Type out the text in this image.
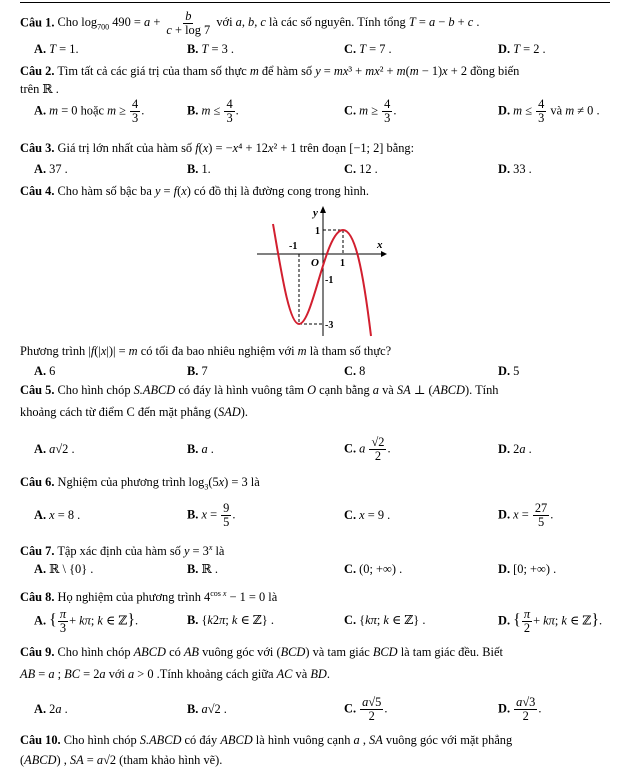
Câu 1. Cho $\log_{700} 490 = a + \frac{b}{c + \log 7}$ với a, b, c là các số nguyên. Tính tổng T = a − b + c .
A. T = 1.	B. T = 3 .	C. T = 7 .	D. T = 2 .
Câu 2. Tìm tất cả các giá trị của tham số thực m để hàm số y = mx³ + mx² + m(m − 1)x + 2 đồng biến
trên ℝ .
A. m = 0 hoặc $m \ge \frac{4}{3}$ .	B. $m \le \frac{4}{3}$ .	C. $m \ge \frac{4}{3}$ .	D. $m \le \frac{4}{3}$ và m ≠ 0 .
Câu 3. Giá trị lớn nhất của hàm số f(x) = −x⁴ + 12x² + 1 trên đoạn [−1; 2] bằng:
A. 37 .	B. 1.	C. 12 .	D. 33 .
Câu 4. Cho hàm số bậc ba y = f(x) có đồ thị là đường cong trong hình.
y
x
O
1
1
-1
-1
-3
Phương trình |f(|x|)| = m có tối đa bao nhiêu nghiệm với m là tham số thực?
A. 6	B. 7	C. 8	D. 5
Câu 5. Cho hình chóp S.ABCD có đáy là hình vuông tâm O cạnh bằng a và SA ⊥ (ABCD). Tính
khoảng cách từ điểm C đến mặt phẳng (SAD).
A. a√2 .	B. a .	C. a $\frac{√2}{2}$ .	D. 2a .
Câu 6. Nghiệm của phương trình $\log_3(5x) = 3$ là
A. x = 8 .	B. $x = \frac{9}{5}$ .	C. x = 9 .	D. $x = \frac{27}{5}$ .
Câu 7. Tập xác định của hàm số $y = 3^x$ là
A. ℝ \ {0} .	B. ℝ .	C. (0; +∞) .	D. [0; +∞) .
Câu 8. Họ nghiệm của phương trình $4^{cos x} - 1 = 0$ là
A. { $\frac{\pi}{3} + k\pi$; k ∈ ℤ}.	B. {k2π; k ∈ ℤ} .	C. {kπ; k ∈ ℤ} .	D. { $\frac{\pi}{2} + k\pi$; k ∈ ℤ}.
Câu 9. Cho hình chóp ABCD có AB vuông góc với (BCD) và tam giác BCD là tam giác đều. Biết
AB = a ; BC = 2a với a > 0 .Tính khoảng cách giữa AC và BD.
A. 2a .	B. a√2 .	C. $\frac{a√5}{2}$ .	D. $\frac{a√3}{2}$ .
Câu 10. Cho hình chóp S.ABCD có đáy ABCD là hình vuông cạnh a , SA vuông góc với mặt phẳng
(ABCD) , SA = a√2 (tham khảo hình vẽ).
